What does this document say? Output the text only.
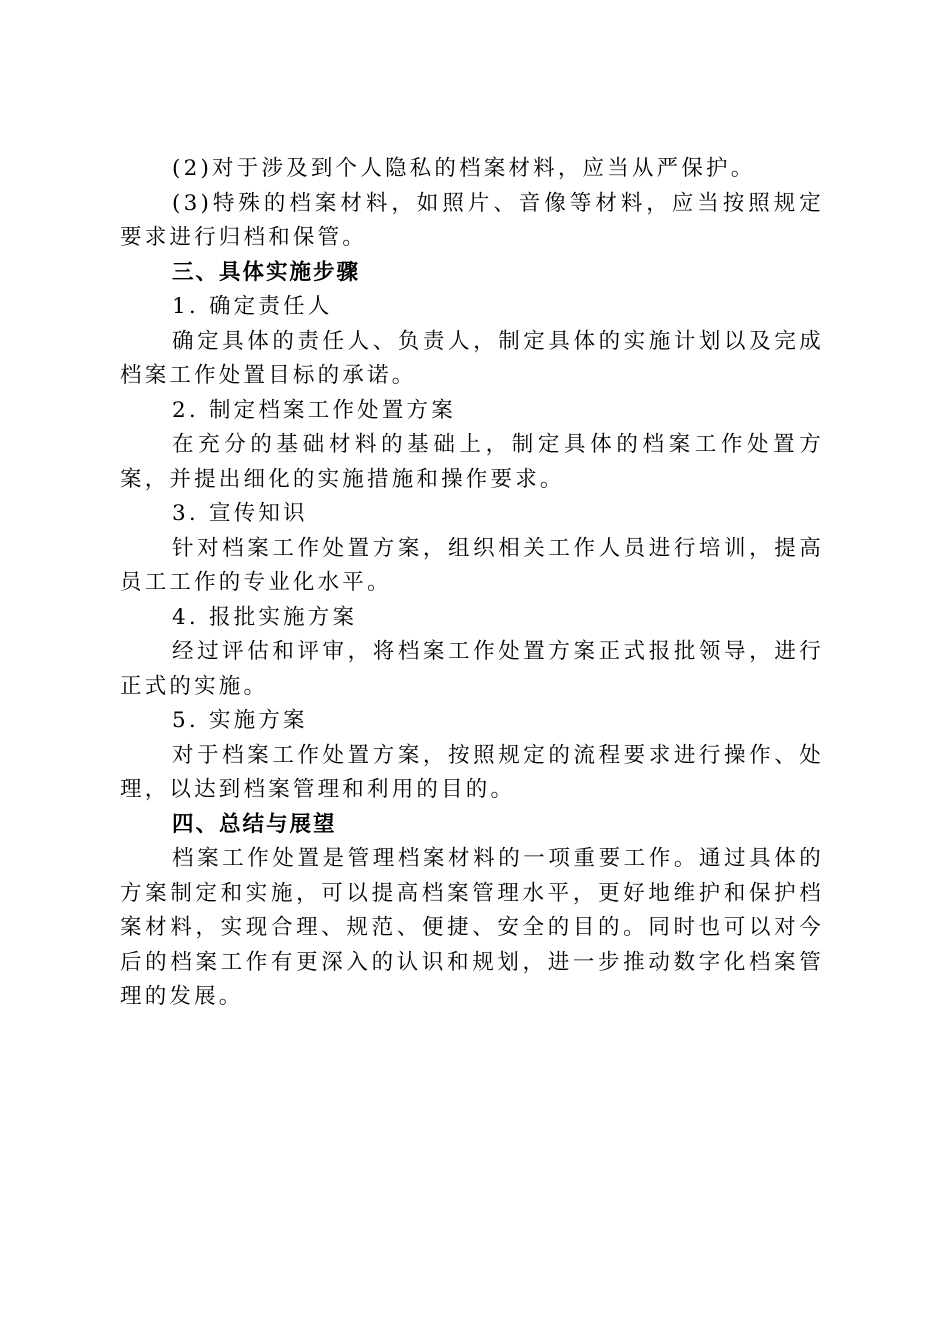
(2)对于涉及到个人隐私的档案材料，应当从严保护。

(3)特殊的档案材料，如照片、音像等材料，应当按照规定要求进行归档和保管。

三、具体实施步骤

1. 确定责任人

确定具体的责任人、负责人，制定具体的实施计划以及完成档案工作处置目标的承诺。

2. 制定档案工作处置方案

在充分的基础材料的基础上，制定具体的档案工作处置方案，并提出细化的实施措施和操作要求。

3. 宣传知识

针对档案工作处置方案，组织相关工作人员进行培训，提高员工工作的专业化水平。

4. 报批实施方案

经过评估和评审，将档案工作处置方案正式报批领导，进行正式的实施。

5. 实施方案

对于档案工作处置方案，按照规定的流程要求进行操作、处理，以达到档案管理和利用的目的。

四、总结与展望

档案工作处置是管理档案材料的一项重要工作。通过具体的方案制定和实施，可以提高档案管理水平，更好地维护和保护档案材料，实现合理、规范、便捷、安全的目的。同时也可以对今后的档案工作有更深入的认识和规划，进一步推动数字化档案管理的发展。
